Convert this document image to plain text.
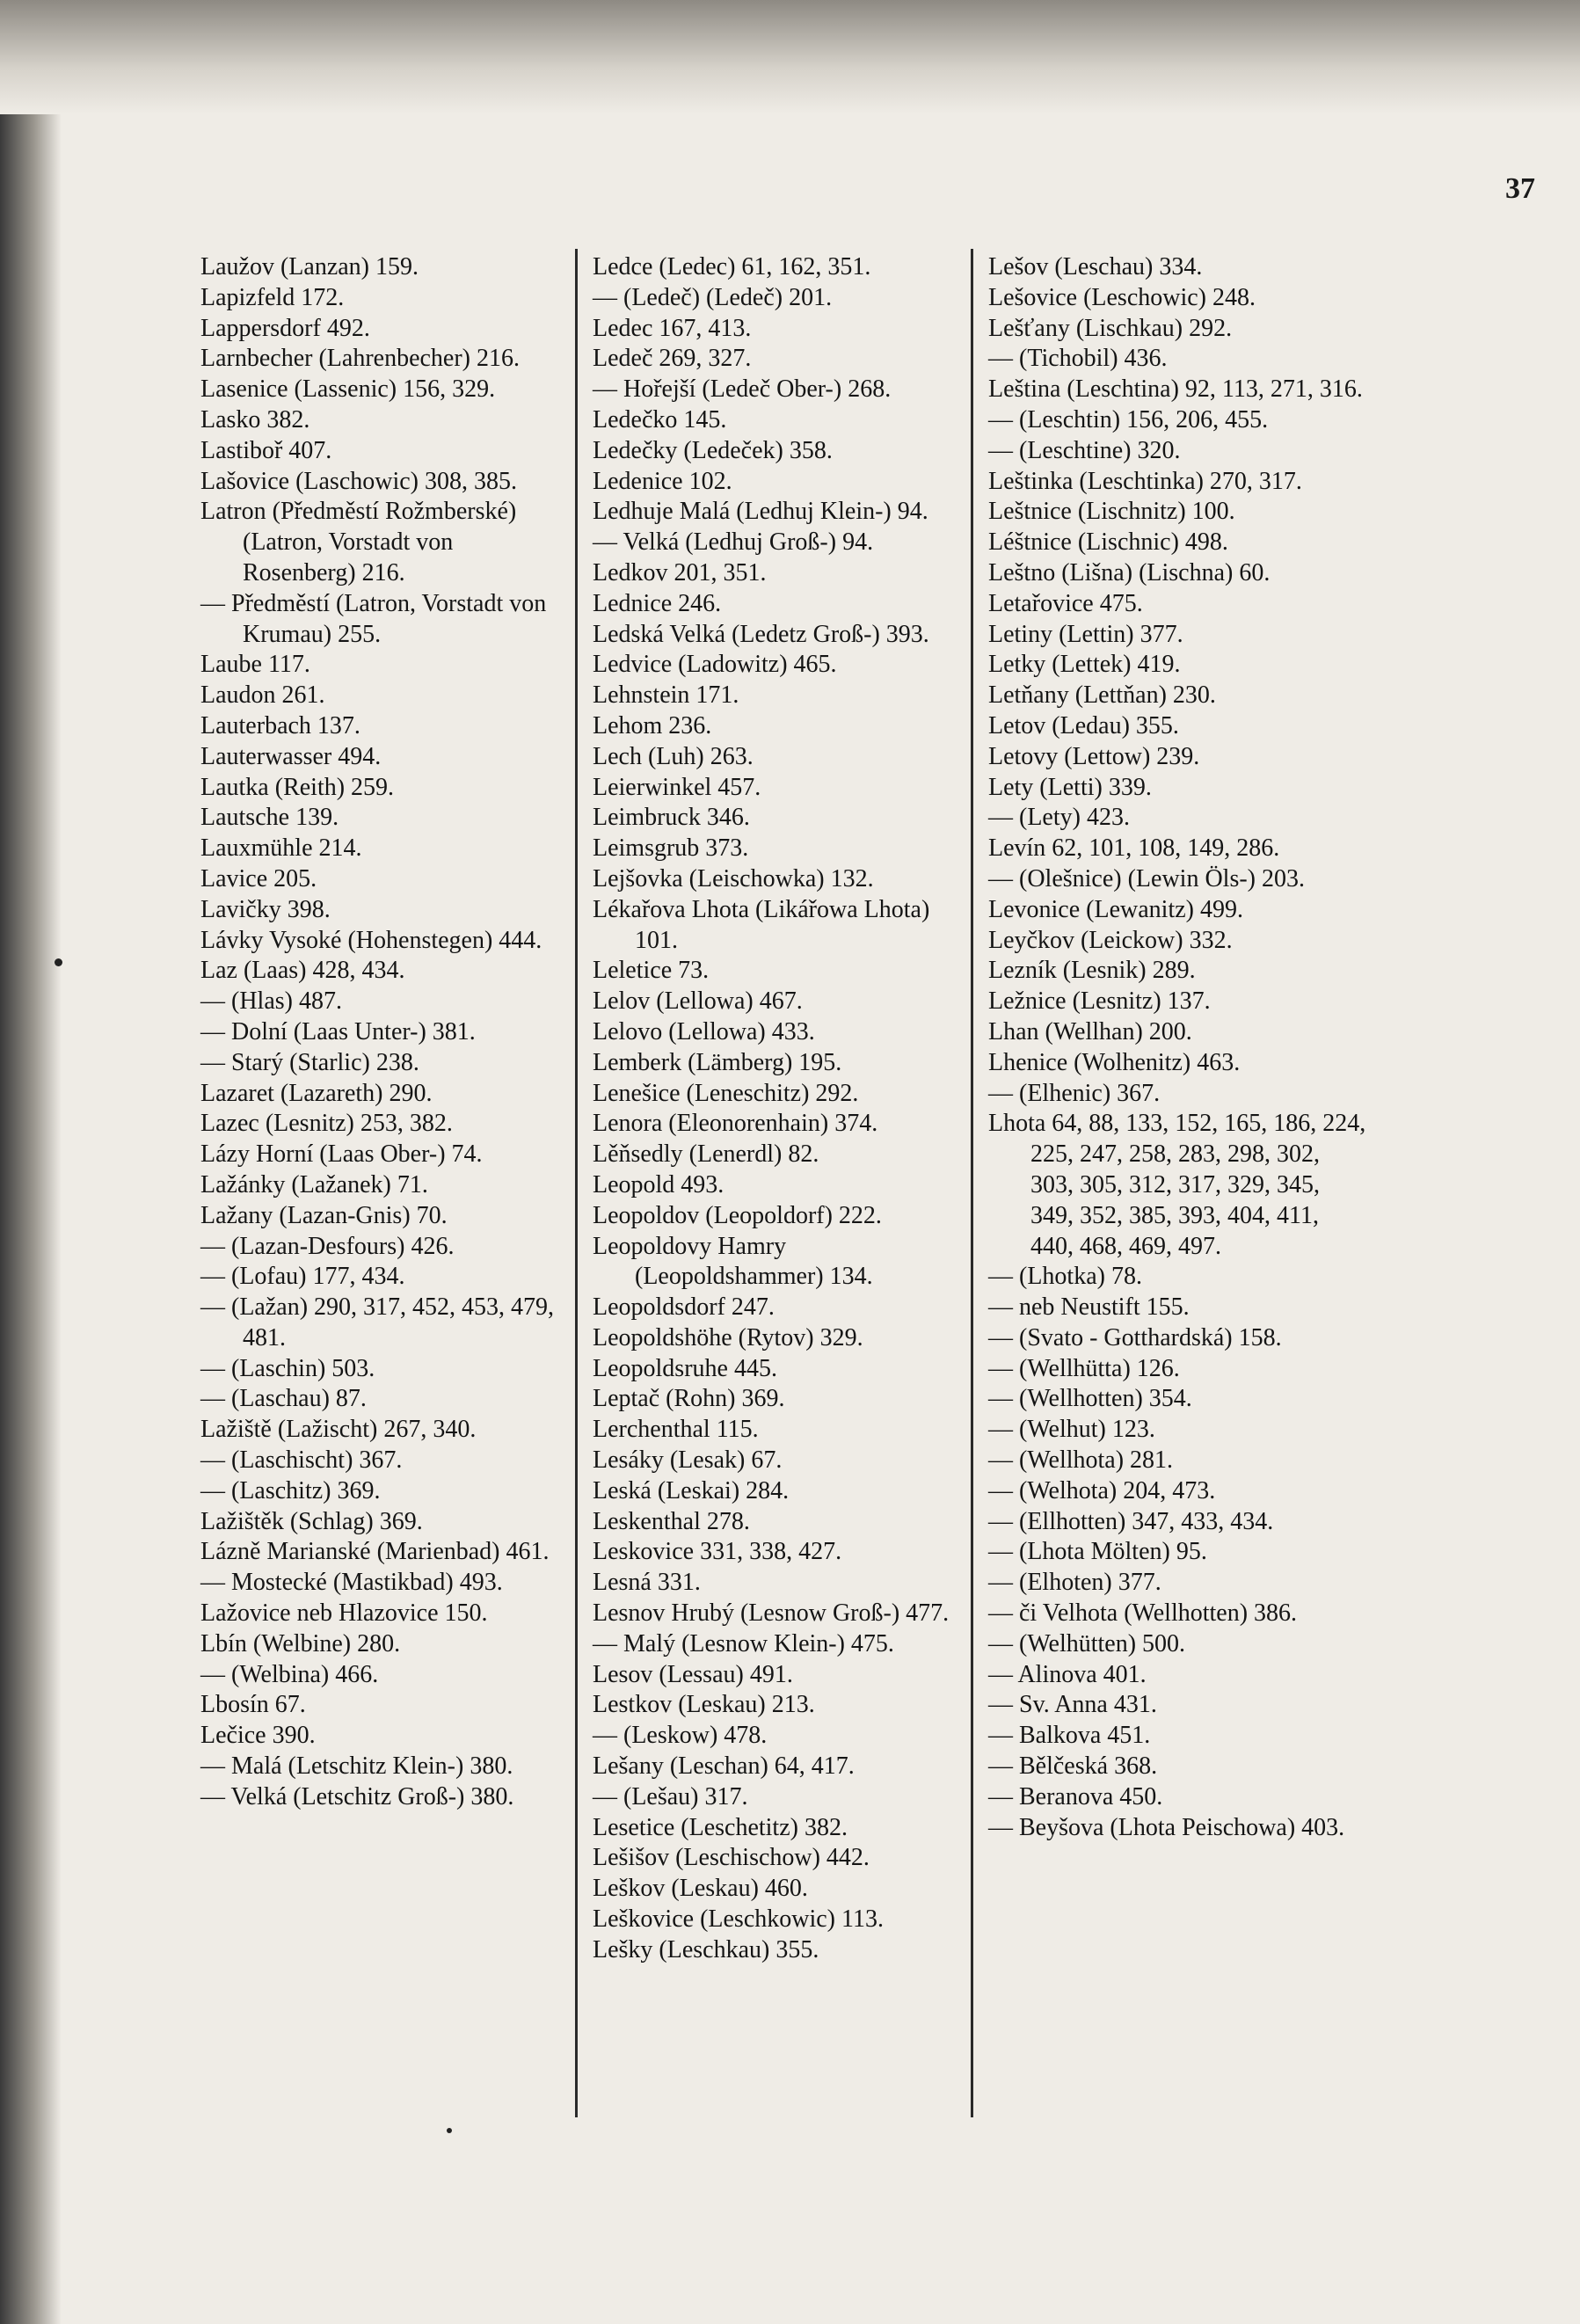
37

Laužov (Lanzan) 159.
Lapizfeld 172.
Lappersdorf 492.
Larnbecher (Lahrenbecher) 216.
Lasenice (Lassenic) 156, 329.
Lasko 382.
Lastiboř 407.
Lašovice (Laschowic) 308, 385.
Latron (Předměstí Rožmberské) (Latron, Vorstadt von Rosenberg) 216.
— Předměstí (Latron, Vorstadt von Krumau) 255.
Laube 117.
Laudon 261.
Lauterbach 137.
Lauterwasser 494.
Lautka (Reith) 259.
Lautsche 139.
Lauxmühle 214.
Lavice 205.
Lavičky 398.
Lávky Vysoké (Hohenstegen) 444.
Laz (Laas) 428, 434.
— (Hlas) 487.
— Dolní (Laas Unter-) 381.
— Starý (Starlic) 238.
Lazaret (Lazareth) 290.
Lazec (Lesnitz) 253, 382.
Lázy Horní (Laas Ober-) 74.
Lažánky (Lažanek) 71.
Lažany (Lazan-Gnis) 70.
— (Lazan-Desfours) 426.
— (Lofau) 177, 434.
— (Lažan) 290, 317, 452, 453, 479, 481.
— (Laschin) 503.
— (Laschau) 87.
Lažiště (Lažischt) 267, 340.
— (Laschischt) 367.
— (Laschitz) 369.
Lažištěk (Schlag) 369.
Lázně Marianské (Marienbad) 461.
— Mostecké (Mastikbad) 493.
Lažovice neb Hlazovice 150.
Lbín (Welbine) 280.
— (Welbina) 466.
Lbosín 67.
Lečice 390.
— Malá (Letschitz Klein-) 380.
— Velká (Letschitz Groß-) 380.
Ledce (Ledec) 61, 162, 351.
— (Ledeč) (Ledeč) 201.
Ledec 167, 413.
Ledeč 269, 327.
— Hořejší (Ledeč Ober-) 268.
Ledečko 145.
Ledečky (Ledeček) 358.
Ledenice 102.
Ledhuje Malá (Ledhuj Klein-) 94.
— Velká (Ledhuj Groß-) 94.
Ledkov 201, 351.
Lednice 246.
Ledská Velká (Ledetz Groß-) 393.
Ledvice (Ladowitz) 465.
Lehnstein 171.
Lehom 236.
Lech (Luh) 263.
Leierwinkel 457.
Leimbruck 346.
Leimsgrub 373.
Lejšovka (Leischowka) 132.
Lékařova Lhota (Likářowa Lhota) 101.
Leletice 73.
Lelov (Lellowa) 467.
Lelovo (Lellowa) 433.
Lemberk (Lämberg) 195.
Lenešice (Leneschitz) 292.
Lenora (Eleonorenhain) 374.
Lěňsedly (Lenerdl) 82.
Leopold 493.
Leopoldov (Leopoldorf) 222.
Leopoldovy Hamry (Leopoldshammer) 134.
Leopoldsdorf 247.
Leopoldshöhe (Rytov) 329.
Leopoldsruhe 445.
Leptač (Rohn) 369.
Lerchenthal 115.
Lesáky (Lesak) 67.
Leská (Leskai) 284.
Leskenthal 278.
Leskovice 331, 338, 427.
Lesná 331.
Lesnov Hrubý (Lesnow Groß-) 477.
— Malý (Lesnow Klein-) 475.
Lesov (Lessau) 491.
Lestkov (Leskau) 213.
— (Leskow) 478.
Lešany (Leschan) 64, 417.
— (Lešau) 317.
Lesetice (Leschetitz) 382.
Lešišov (Leschischow) 442.
Leškov (Leskau) 460.
Leškovice (Leschkowic) 113.
Lešky (Leschkau) 355.
Lešov (Leschau) 334.
Lešovice (Leschowic) 248.
Lešťany (Lischkau) 292.
— (Tichobil) 436.
Leština (Leschtina) 92, 113, 271, 316.
— (Leschtin) 156, 206, 455.
— (Leschtine) 320.
Leštinka (Leschtinka) 270, 317.
Leštnice (Lischnitz) 100.
Léštnice (Lischnic) 498.
Leštno (Lišna) (Lischna) 60.
Letařovice 475.
Letiny (Lettin) 377.
Letky (Lettek) 419.
Letňany (Lettňan) 230.
Letov (Ledau) 355.
Letovy (Lettow) 239.
Lety (Letti) 339.
— (Lety) 423.
Levín 62, 101, 108, 149, 286.
— (Olešnice) (Lewin Öls-) 203.
Levonice (Lewanitz) 499.
Leyčkov (Leickow) 332.
Lezník (Lesnik) 289.
Ležnice (Lesnitz) 137.
Lhan (Wellhan) 200.
Lhenice (Wolhenitz) 463.
— (Elhenic) 367.
Lhota 64, 88, 133, 152, 165, 186, 224, 225, 247, 258, 283, 298, 302, 303, 305, 312, 317, 329, 345, 349, 352, 385, 393, 404, 411, 440, 468, 469, 497.
— (Lhotka) 78.
— neb Neustift 155.
— (Svato - Gotthardská) 158.
— (Wellhütta) 126.
— (Wellhotten) 354.
— (Welhut) 123.
— (Wellhota) 281.
— (Welhota) 204, 473.
— (Ellhotten) 347, 433, 434.
— (Lhota Mölten) 95.
— (Elhoten) 377.
— či Velhota (Wellhotten) 386.
— (Welhütten) 500.
— Alinova 401.
— Sv. Anna 431.
— Balkova 451.
— Bělčeská 368.
— Beranova 450.
— Beyšova (Lhota Peischowa) 403.
